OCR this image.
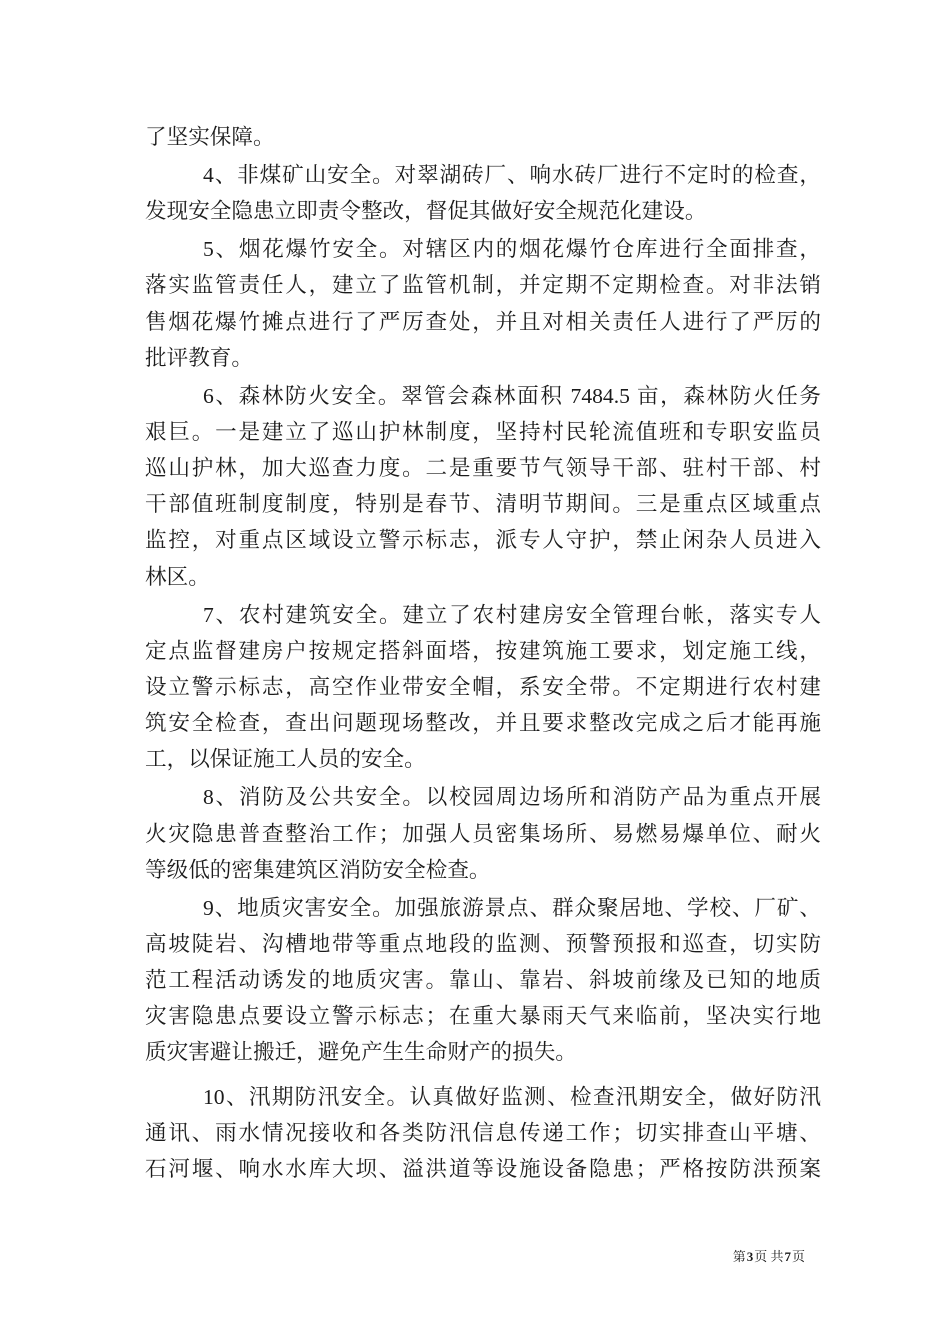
了坚实保障。
4、非煤矿山安全。对翠湖砖厂、响水砖厂进行不定时的检查，
发现安全隐患立即责令整改，督促其做好安全规范化建设。
5、烟花爆竹安全。对辖区内的烟花爆竹仓库进行全面排查，
落实监管责任人，建立了监管机制，并定期不定期检查。对非法销
售烟花爆竹摊点进行了严厉查处，并且对相关责任人进行了严厉的
批评教育。
6、森林防火安全。翠管会森林面积 7484.5 亩，森林防火任务
艰巨。一是建立了巡山护林制度，坚持村民轮流值班和专职安监员
巡山护林，加大巡查力度。二是重要节气领导干部、驻村干部、村
干部值班制度制度，特别是春节、清明节期间。三是重点区域重点
监控，对重点区域设立警示标志，派专人守护，禁止闲杂人员进入
林区。
7、农村建筑安全。建立了农村建房安全管理台帐，落实专人
定点监督建房户按规定搭斜面塔，按建筑施工要求，划定施工线，
设立警示标志，高空作业带安全帽，系安全带。不定期进行农村建
筑安全检查，查出问题现场整改，并且要求整改完成之后才能再施
工，以保证施工人员的安全。
8、消防及公共安全。以校园周边场所和消防产品为重点开展
火灾隐患普查整治工作；加强人员密集场所、易燃易爆单位、耐火
等级低的密集建筑区消防安全检查。
9、地质灾害安全。加强旅游景点、群众聚居地、学校、厂矿、
高坡陡岩、沟槽地带等重点地段的监测、预警预报和巡查，切实防
范工程活动诱发的地质灾害。靠山、靠岩、斜坡前缘及已知的地质
灾害隐患点要设立警示标志；在重大暴雨天气来临前，坚决实行地
质灾害避让搬迁，避免产生生命财产的损失。
10、汛期防汛安全。认真做好监测、检查汛期安全，做好防汛
通讯、雨水情况接收和各类防汛信息传递工作；切实排查山平塘、
石河堰、响水水库大坝、溢洪道等设施设备隐患；严格按防洪预案
第3页 共7页
